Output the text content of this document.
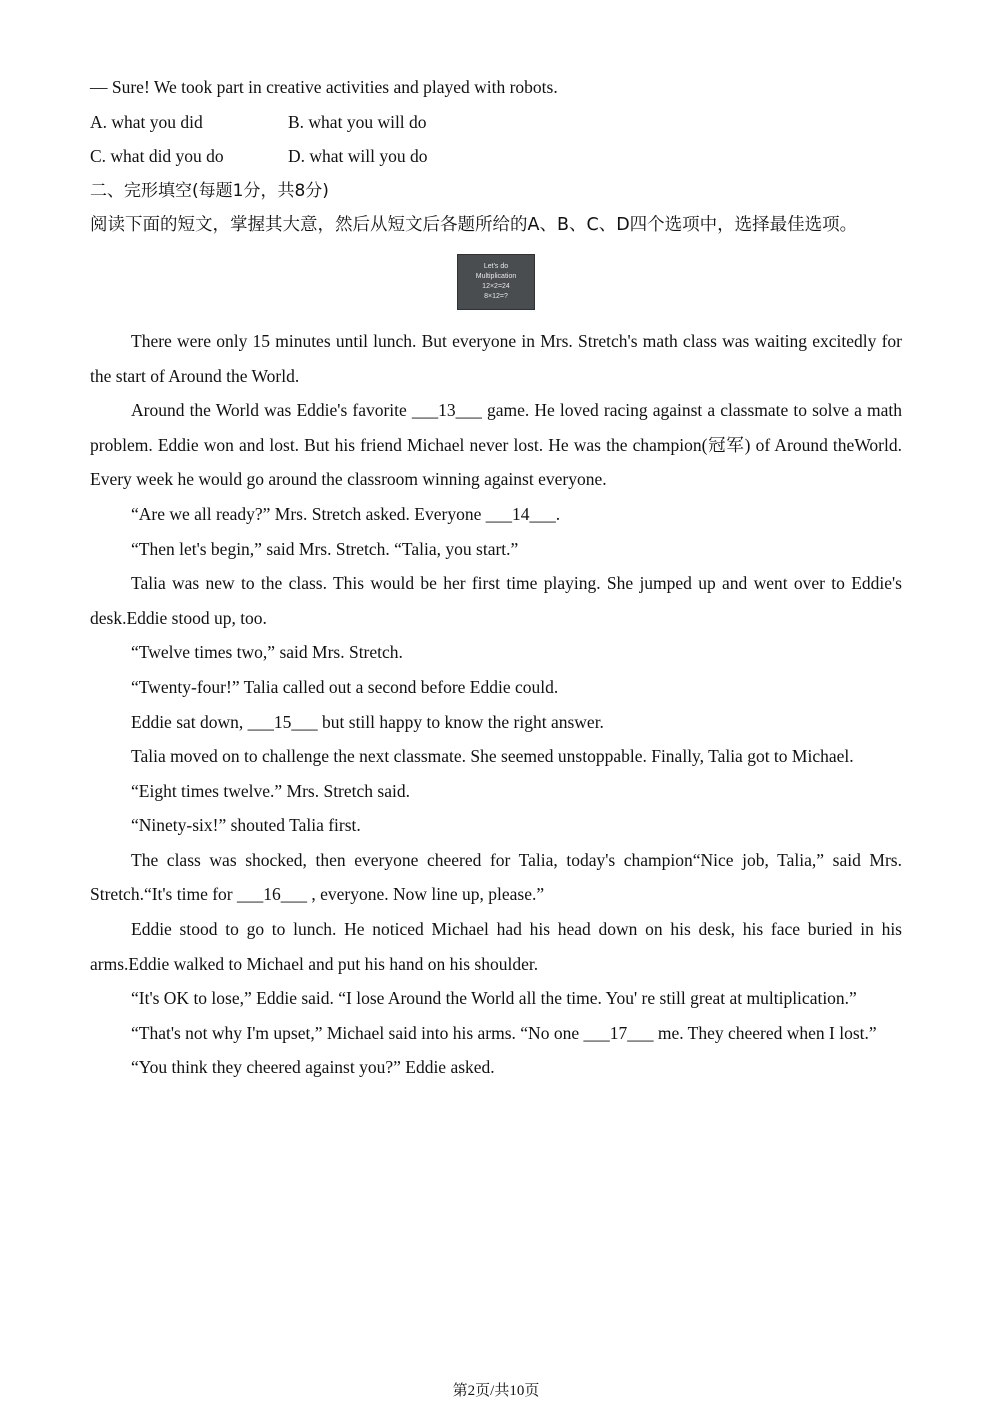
— Sure! We took part in creative activities and played with robots.

A. what you did	B. what you will do
C. what did you do	D. what will you do

二、完形填空(每题1分，共8分)

阅读下面的短文，掌握其大意，然后从短文后各题所给的A、B、C、D四个选项中，选择最佳选项。

Let's do
Multiplication
12×2=24
8×12=?

There were only 15 minutes until lunch. But everyone in Mrs. Stretch's math class was waiting excitedly for the start of Around the World.

Around the World was Eddie's favorite ___13___ game. He loved racing against a classmate to solve a math problem. Eddie won and lost. But his friend Michael never lost. He was the champion(冠军) of Around theWorld. Every week he would go around the classroom winning against everyone.

“Are we all ready?” Mrs. Stretch asked. Everyone ___14___.

“Then let's begin,” said Mrs. Stretch. “Talia, you start.”

Talia was new to the class. This would be her first time playing. She jumped up and went over to Eddie's desk.Eddie stood up, too.

“Twelve times two,” said Mrs. Stretch.

“Twenty-four!” Talia called out a second before Eddie could.

Eddie sat down, ___15___ but still happy to know the right answer.

Talia moved on to challenge the next classmate. She seemed unstoppable. Finally, Talia got to Michael.

“Eight times twelve.” Mrs. Stretch said.

“Ninety-six!” shouted Talia first.

The class was shocked, then everyone cheered for Talia, today's champion“Nice job, Talia,” said Mrs. Stretch.“It's time for ___16___ , everyone. Now line up, please.”

Eddie stood to go to lunch. He noticed Michael had his head down on his desk, his face buried in his arms.Eddie walked to Michael and put his hand on his shoulder.

“It's OK to lose,” Eddie said. “I lose Around the World all the time. You' re still great at multiplication.”

“That's not why I'm upset,” Michael said into his arms. “No one ___17___ me. They cheered when I lost.”

“You think they cheered against you?” Eddie asked.

第2页/共10页
